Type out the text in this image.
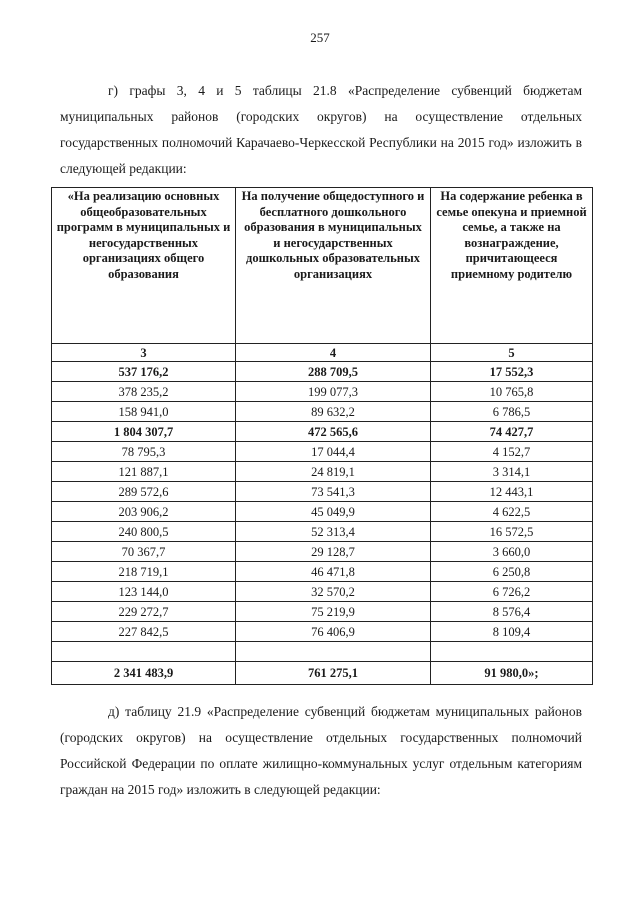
257

г) графы 3, 4 и 5 таблицы 21.8 «Распределение субвенций бюджетам муниципальных районов (городских округов) на осуществление отдельных государственных полномочий Карачаево-Черкесской Республики на 2015 год» изложить в следующей редакции:

«На реализацию основных общеобразовательных программ в муниципальных и негосударственных организациях общего образования	На получение общедоступного и бесплатного дошкольного образования в муниципальных и негосударственных дошкольных образовательных организациях	На содержание ребенка в семье опекуна и приемной семье, а также на вознаграждение, причитающееся приемному родителю

3	4	5
537 176,2	288 709,5	17 552,3
378 235,2	199 077,3	10 765,8
158 941,0	89 632,2	6 786,5
1 804 307,7	472 565,6	74 427,7
78 795,3	17 044,4	4 152,7
121 887,1	24 819,1	3 314,1
289 572,6	73 541,3	12 443,1
203 906,2	45 049,9	4 622,5
240 800,5	52 313,4	16 572,5
70 367,7	29 128,7	3 660,0
218 719,1	46 471,8	6 250,8
123 144,0	32 570,2	6 726,2
229 272,7	75 219,9	8 576,4
227 842,5	76 406,9	8 109,4

2 341 483,9	761 275,1	91 980,0»;

д) таблицу 21.9 «Распределение субвенций бюджетам муниципальных районов (городских округов) на осуществление отдельных государственных полномочий Российской Федерации по оплате жилищно-коммунальных услуг отдельным категориям граждан на 2015 год» изложить в следующей редакции:
